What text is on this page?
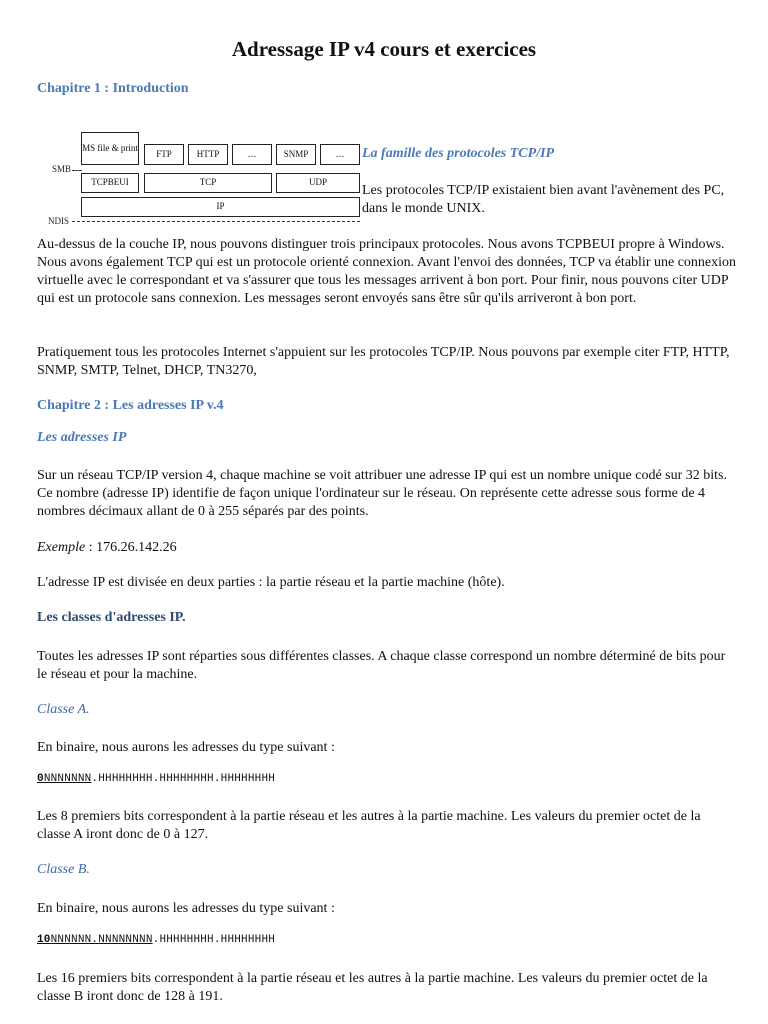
Adressage IP v4 cours et exercices
Chapitre 1 : Introduction
MS file & print
FTP	HTTP	…	SNMP	…
SMB
TCPBEUI	TCP	UDP
IP
NDIS
La famille des protocoles TCP/IP
Les protocoles TCP/IP existaient bien avant l'avènement des PC, dans le monde UNIX.
Au-dessus de la couche IP, nous pouvons distinguer trois principaux protocoles. Nous avons TCPBEUI propre à Windows. Nous avons également TCP qui est un protocole orienté connexion. Avant l'envoi des données, TCP va établir une connexion virtuelle avec le correspondant et va s'assurer que tous les messages arrivent à bon port. Pour finir, nous pouvons citer UDP qui est un protocole sans connexion. Les messages seront envoyés sans être sûr qu'ils arriveront à bon port.
Pratiquement tous les protocoles Internet s'appuient sur les protocoles TCP/IP. Nous pouvons par exemple citer FTP, HTTP, SNMP, SMTP, Telnet, DHCP, TN3270,
Chapitre 2 : Les adresses IP v.4
Les adresses IP
Sur un réseau TCP/IP version 4, chaque machine se voit attribuer une adresse IP qui est un nombre unique codé sur 32 bits. Ce nombre (adresse IP) identifie de façon unique l'ordinateur sur le réseau. On représente cette adresse sous forme de 4 nombres décimaux allant de 0 à 255 séparés par des points.
Exemple : 176.26.142.26
L'adresse IP est divisée en deux parties : la partie réseau et la partie machine (hôte).
Les classes d'adresses IP.
Toutes les adresses IP sont réparties sous différentes classes. A chaque classe correspond un nombre déterminé de bits pour le réseau et pour la machine.
Classe A.
En binaire, nous aurons les adresses du type suivant :
0NNNNNNN.HHHHHHHH.HHHHHHHH.HHHHHHHH
Les 8 premiers bits correspondent à la partie réseau et les autres à la partie machine. Les valeurs du premier octet de la classe A iront donc de 0 à 127.
Classe B.
En binaire, nous aurons les adresses du type suivant :
10NNNNNN.NNNNNNNN.HHHHHHHH.HHHHHHHH
Les 16 premiers bits correspondent à la partie réseau et les autres à la partie machine. Les valeurs du premier octet de la classe B iront donc de 128 à 191.
